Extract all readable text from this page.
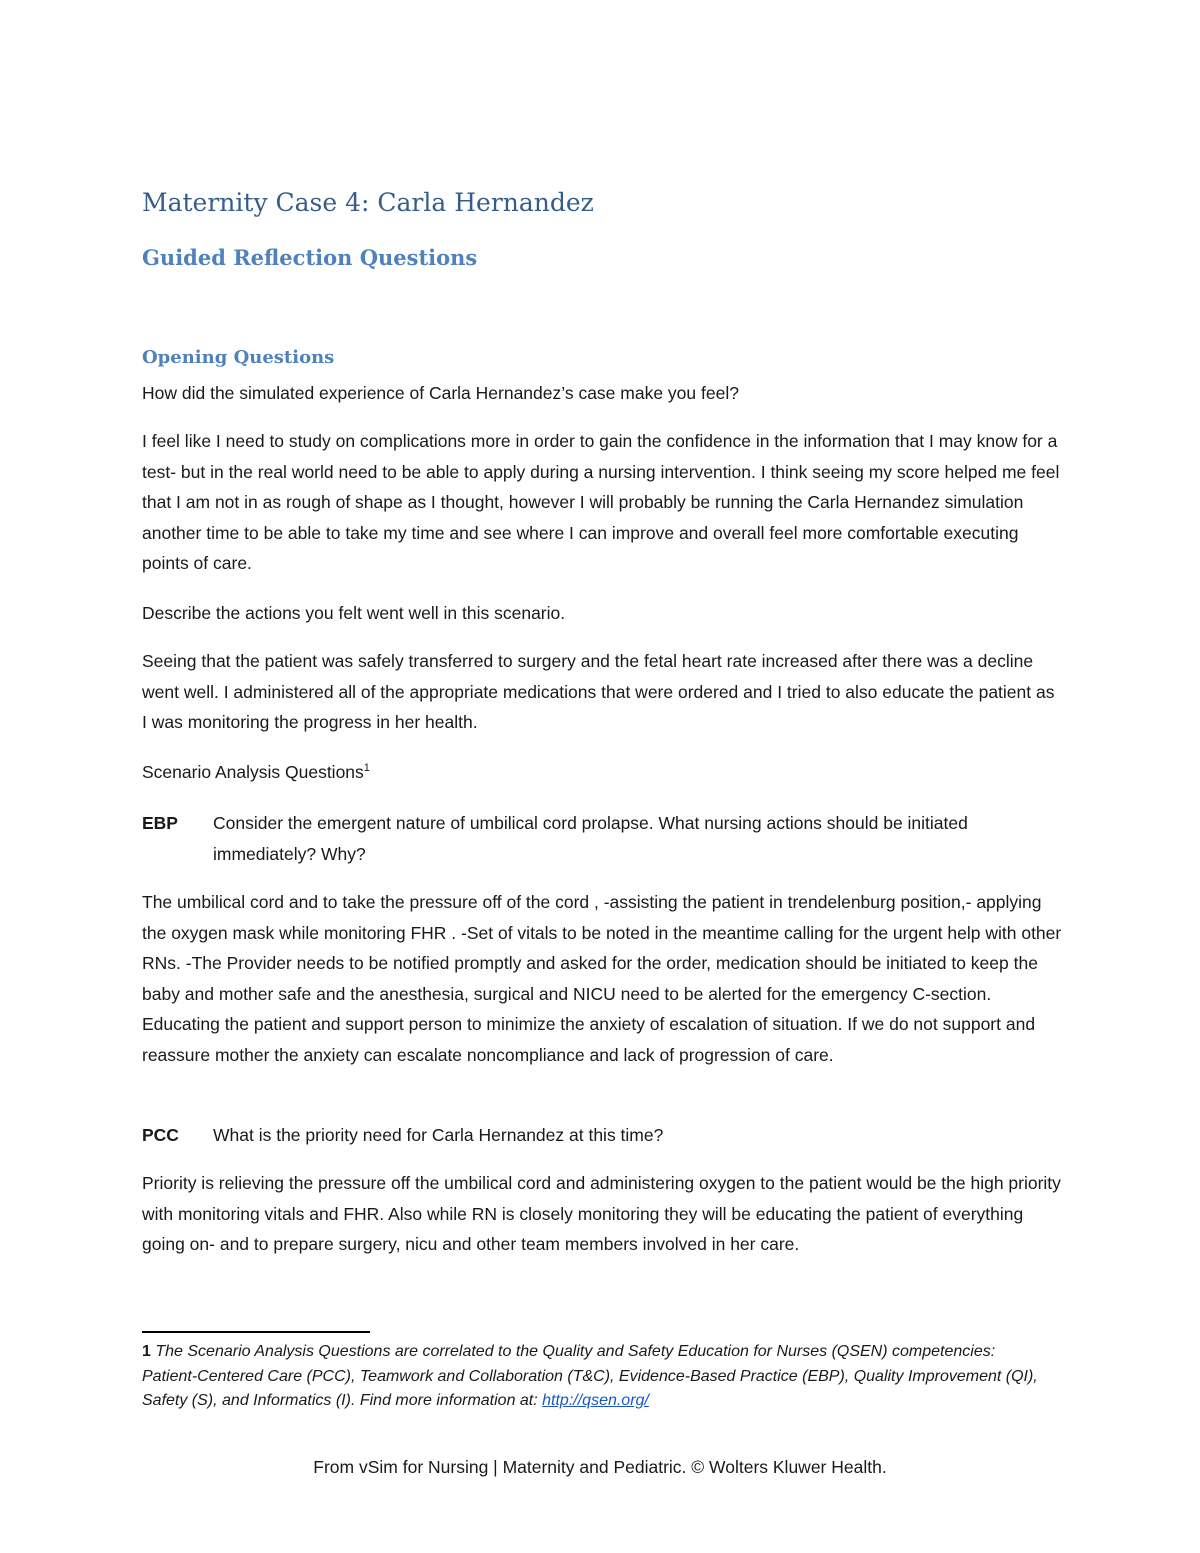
Maternity Case 4: Carla Hernandez
Guided Reflection Questions
Opening Questions

How did the simulated experience of Carla Hernandez’s case make you feel?

I feel like I need to study on complications more in order to gain the confidence in the information that I may know for a test- but in the real world need to be able to apply during a nursing intervention. I think seeing my score helped me feel that I am not in as rough of shape as I thought, however I will probably be running the Carla Hernandez simulation another time to be able to take my time and see where I can improve and overall feel more comfortable executing points of care.

Describe the actions you felt went well in this scenario.

Seeing that the patient was safely transferred to surgery and the fetal heart rate increased after there was a decline went well. I administered all of the appropriate medications that were ordered and I tried to also educate the patient as I was monitoring the progress in her health.

Scenario Analysis Questions$^1$

EBP Consider the emergent nature of umbilical cord prolapse. What nursing actions should be initiated immediately? Why?

The umbilical cord and to take the pressure off of the cord , -assisting the patient in trendelenburg position,- applying the oxygen mask while monitoring FHR . -Set of vitals to be noted in the meantime calling for the urgent help with other RNs. -The Provider needs to be notified promptly and asked for the order, medication should be initiated to keep the baby and mother safe and the anesthesia, surgical and NICU need to be alerted for the emergency C-section. Educating the patient and support person to minimize the anxiety of escalation of situation. If we do not support and reassure mother the anxiety can escalate noncompliance and lack of progression of care.

PCC What is the priority need for Carla Hernandez at this time?

Priority is relieving the pressure off the umbilical cord and administering oxygen to the patient would be the high priority with monitoring vitals and FHR. Also while RN is closely monitoring they will be educating the patient of everything going on- and to prepare surgery, nicu and other team members involved in her care.

1 The Scenario Analysis Questions are correlated to the Quality and Safety Education for Nurses (QSEN) competencies: Patient-Centered Care (PCC), Teamwork and Collaboration (T&C), Evidence-Based Practice (EBP), Quality Improvement (QI), Safety (S), and Informatics (I). Find more information at: http://qsen.org/

From vSim for Nursing | Maternity and Pediatric. © Wolters Kluwer Health.
